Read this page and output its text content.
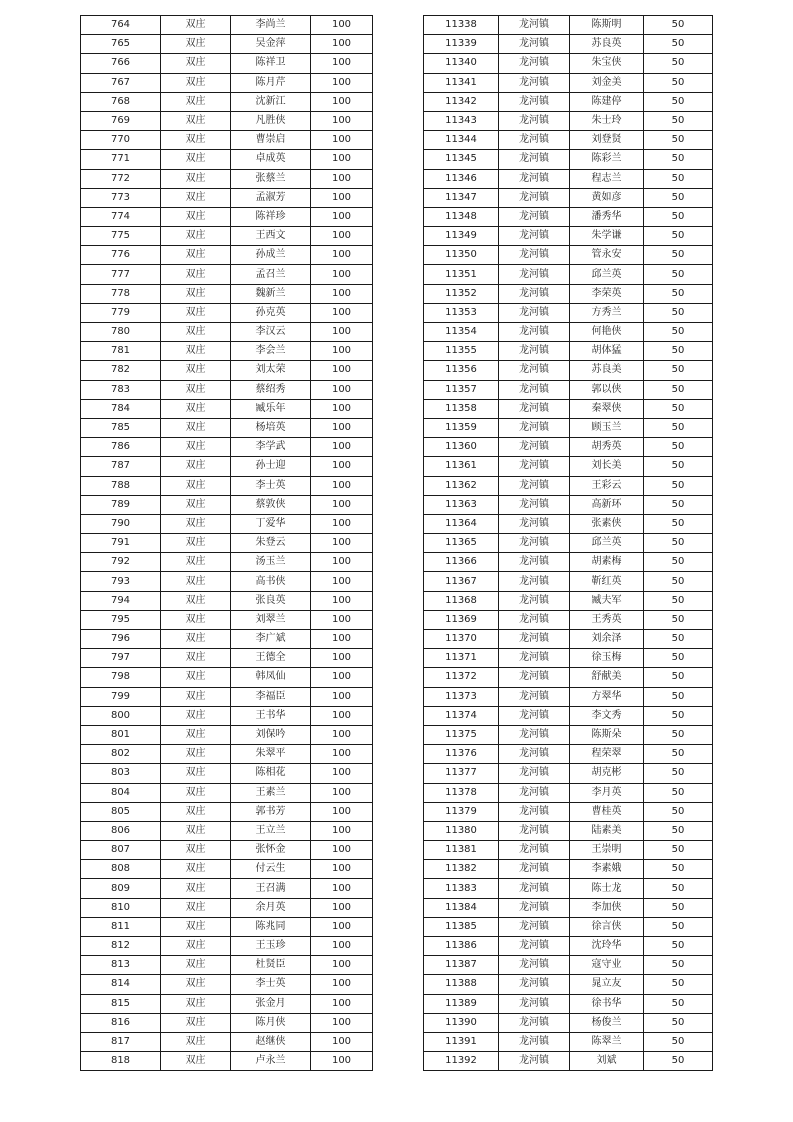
764	双庄	李尚兰	100
765	双庄	吴金萍	100
766	双庄	陈祥卫	100
767	双庄	陈月芹	100
768	双庄	沈新江	100
769	双庄	凡胜侠	100
770	双庄	曹崇启	100
771	双庄	卓成英	100
772	双庄	张蔡兰	100
773	双庄	孟淑芳	100
774	双庄	陈祥珍	100
775	双庄	王西文	100
776	双庄	孙成兰	100
777	双庄	孟召兰	100
778	双庄	魏新兰	100
779	双庄	孙克英	100
780	双庄	李汉云	100
781	双庄	李会兰	100
782	双庄	刘太荣	100
783	双庄	蔡绍秀	100
784	双庄	臧乐年	100
785	双庄	杨培英	100
786	双庄	李学武	100
787	双庄	孙士迎	100
788	双庄	李士英	100
789	双庄	蔡敦侠	100
790	双庄	丁爱华	100
791	双庄	朱登云	100
792	双庄	汤玉兰	100
793	双庄	高书侠	100
794	双庄	张良英	100
795	双庄	刘翠兰	100
796	双庄	李广斌	100
797	双庄	王德全	100
798	双庄	韩凤仙	100
799	双庄	李福臣	100
800	双庄	王书华	100
801	双庄	刘保吟	100
802	双庄	朱翠平	100
803	双庄	陈相花	100
804	双庄	王素兰	100
805	双庄	郭书芳	100
806	双庄	王立兰	100
807	双庄	张怀金	100
808	双庄	付云生	100
809	双庄	王召满	100
810	双庄	余月英	100
811	双庄	陈兆同	100
812	双庄	王玉珍	100
813	双庄	杜贤臣	100
814	双庄	李士英	100
815	双庄	张金月	100
816	双庄	陈月侠	100
817	双庄	赵继侠	100
818	双庄	卢永兰	100
11338	龙河镇	陈斯明	50
11339	龙河镇	苏良英	50
11340	龙河镇	朱宝侠	50
11341	龙河镇	刘金美	50
11342	龙河镇	陈建停	50
11343	龙河镇	朱士玲	50
11344	龙河镇	刘登贤	50
11345	龙河镇	陈彩兰	50
11346	龙河镇	程志兰	50
11347	龙河镇	黄如彦	50
11348	龙河镇	潘秀华	50
11349	龙河镇	朱学谦	50
11350	龙河镇	管永安	50
11351	龙河镇	邱兰英	50
11352	龙河镇	李荣英	50
11353	龙河镇	方秀兰	50
11354	龙河镇	何艳侠	50
11355	龙河镇	胡体猛	50
11356	龙河镇	苏良美	50
11357	龙河镇	郭以侠	50
11358	龙河镇	秦翠侠	50
11359	龙河镇	顾玉兰	50
11360	龙河镇	胡秀英	50
11361	龙河镇	刘长美	50
11362	龙河镇	王彩云	50
11363	龙河镇	高新环	50
11364	龙河镇	张素侠	50
11365	龙河镇	邱兰英	50
11366	龙河镇	胡素梅	50
11367	龙河镇	靳红英	50
11368	龙河镇	臧夫军	50
11369	龙河镇	王秀英	50
11370	龙河镇	刘余泽	50
11371	龙河镇	徐玉梅	50
11372	龙河镇	舒献美	50
11373	龙河镇	方翠华	50
11374	龙河镇	李文秀	50
11375	龙河镇	陈斯朵	50
11376	龙河镇	程荣翠	50
11377	龙河镇	胡克彬	50
11378	龙河镇	李月英	50
11379	龙河镇	曹桂英	50
11380	龙河镇	陆素美	50
11381	龙河镇	王崇明	50
11382	龙河镇	李素娥	50
11383	龙河镇	陈士龙	50
11384	龙河镇	李加侠	50
11385	龙河镇	徐言侠	50
11386	龙河镇	沈玲华	50
11387	龙河镇	寇守业	50
11388	龙河镇	晁立友	50
11389	龙河镇	徐书华	50
11390	龙河镇	杨俊兰	50
11391	龙河镇	陈翠兰	50
11392	龙河镇	刘斌	50
